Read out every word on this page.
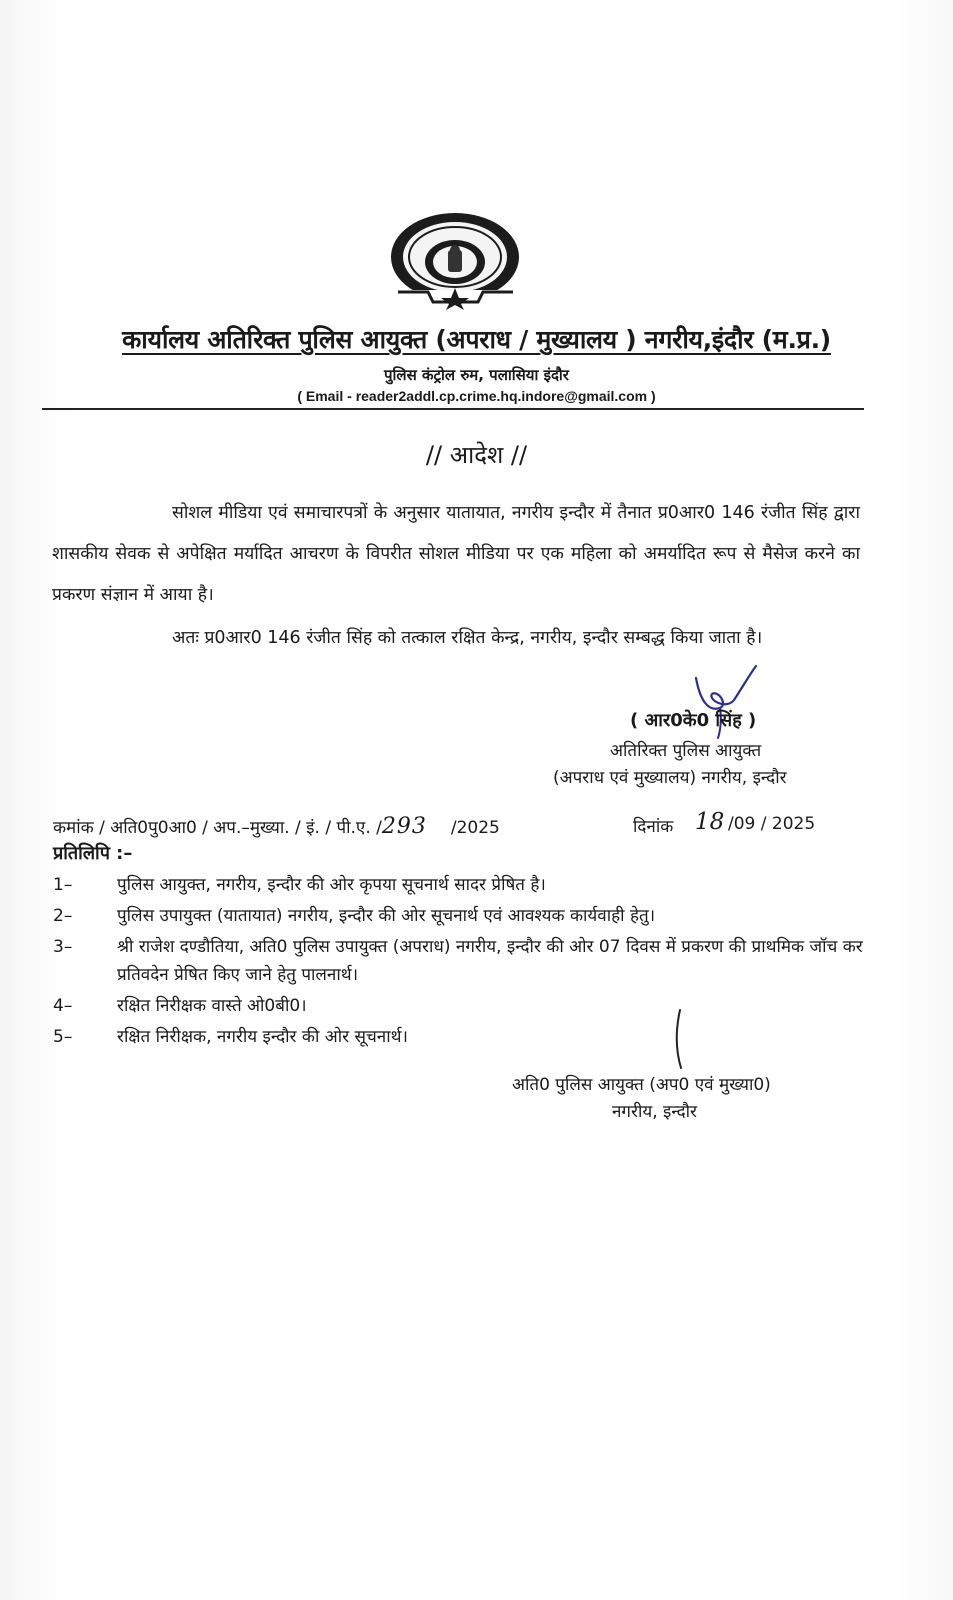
कार्यालय अतिरिक्त पुलिस आयुक्त (अपराध / मुख्यालय ) नगरीय,इंदौर (म.प्र.)
पुलिस कंट्रोल रुम, पलासिया इंदौर
( Email - reader2addl.cp.crime.hq.indore@gmail.com )
// आदेश //
सोशल मीडिया एवं समाचारपत्रों के अनुसार यातायात, नगरीय इन्दौर में तैनात प्र0आर0 146 रंजीत सिंह द्वारा शासकीय सेवक से अपेक्षित मर्यादित आचरण के विपरीत सोशल मीडिया पर एक महिला को अमर्यादित रूप से मैसेज करने का प्रकरण संज्ञान में आया है।
अतः प्र0आर0 146 रंजीत सिंह को तत्काल रक्षित केन्द्र, नगरीय, इन्दौर सम्बद्ध किया जाता है।
( आर0के0 सिंह )
अतिरिक्त पुलिस आयुक्त
(अपराध एवं मुख्यालय) नगरीय, इन्दौर
कमांक / अति0पु0आ0 / अप.–मुख्या. / इं. / पी.ए. /293 /2025	दिनांक 18 /09 / 2025
प्रतिलिपि :–
1–	पुलिस आयुक्त, नगरीय, इन्दौर की ओर कृपया सूचनार्थ सादर प्रेषित है।
2–	पुलिस उपायुक्त (यातायात) नगरीय, इन्दौर की ओर सूचनार्थ एवं आवश्यक कार्यवाही हेतु।
3–	श्री राजेश दण्डौतिया, अति0 पुलिस उपायुक्त (अपराध) नगरीय, इन्दौर की ओर 07 दिवस में प्रकरण की प्राथमिक जॉच कर प्रतिवदेन प्रेषित किए जाने हेतु पालनार्थ।
4–	रक्षित निरीक्षक वास्ते ओ0बी0।
5–	रक्षित निरीक्षक, नगरीय इन्दौर की ओर सूचनार्थ।
अति0 पुलिस आयुक्त (अप0 एवं मुख्या0)
नगरीय, इन्दौर
